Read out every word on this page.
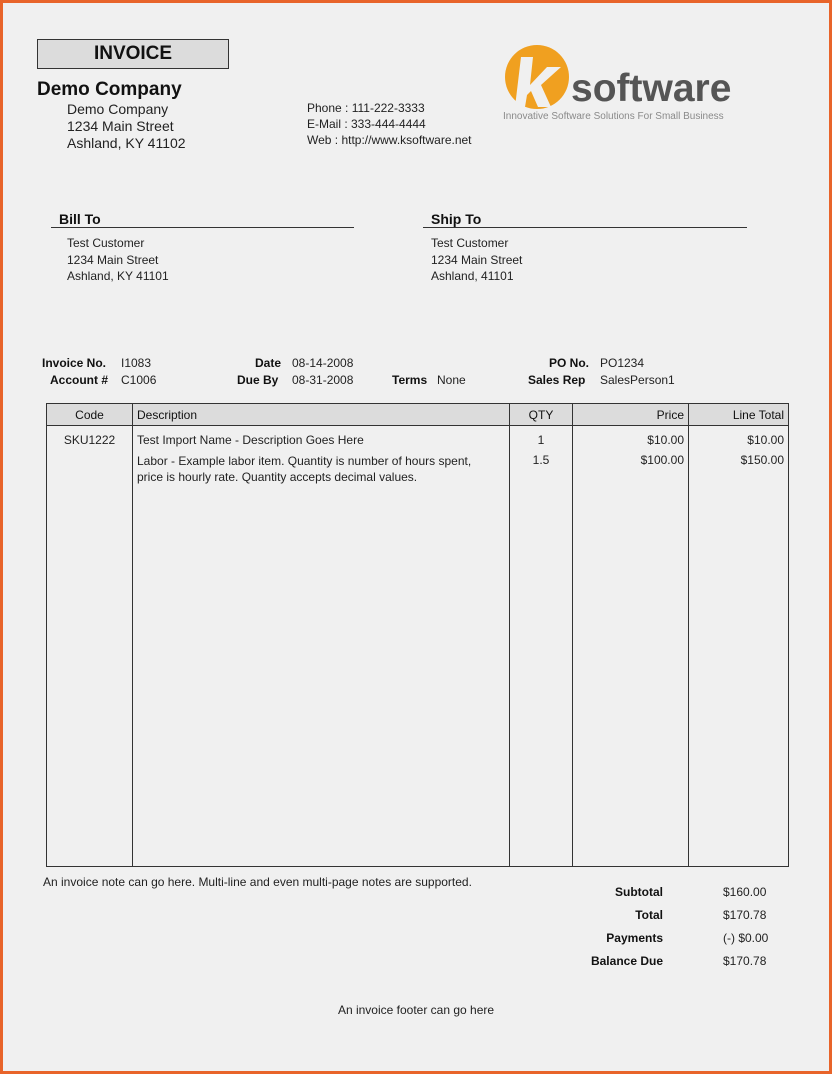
INVOICE
Demo Company
Demo Company
1234 Main Street
Ashland, KY 41102
Phone : 111-222-3333
E-Mail : 333-444-4444
Web : http://www.ksoftware.net
software
Innovative Software Solutions For Small Business
Bill To
Test Customer
1234 Main Street
Ashland, KY 41101
Ship To
Test Customer
1234 Main Street
Ashland, 41101
Invoice No. I1083
Account # C1006
Date 08-14-2008
Due By 08-31-2008	Terms None
PO No. PO1234
Sales Rep SalesPerson1
Code	Description	QTY	Price	Line Total
SKU1222	Test Import Name - Description Goes Here	1	$10.00	$10.00
	Labor - Example labor item. Quantity is number of hours spent, price is hourly rate. Quantity accepts decimal values.	1.5	$100.00	$150.00
An invoice note can go here. Multi-line and even multi-page notes are supported.
Subtotal	$160.00
Total	$170.78
Payments	(-) $0.00
Balance Due	$170.78
An invoice footer can go here
